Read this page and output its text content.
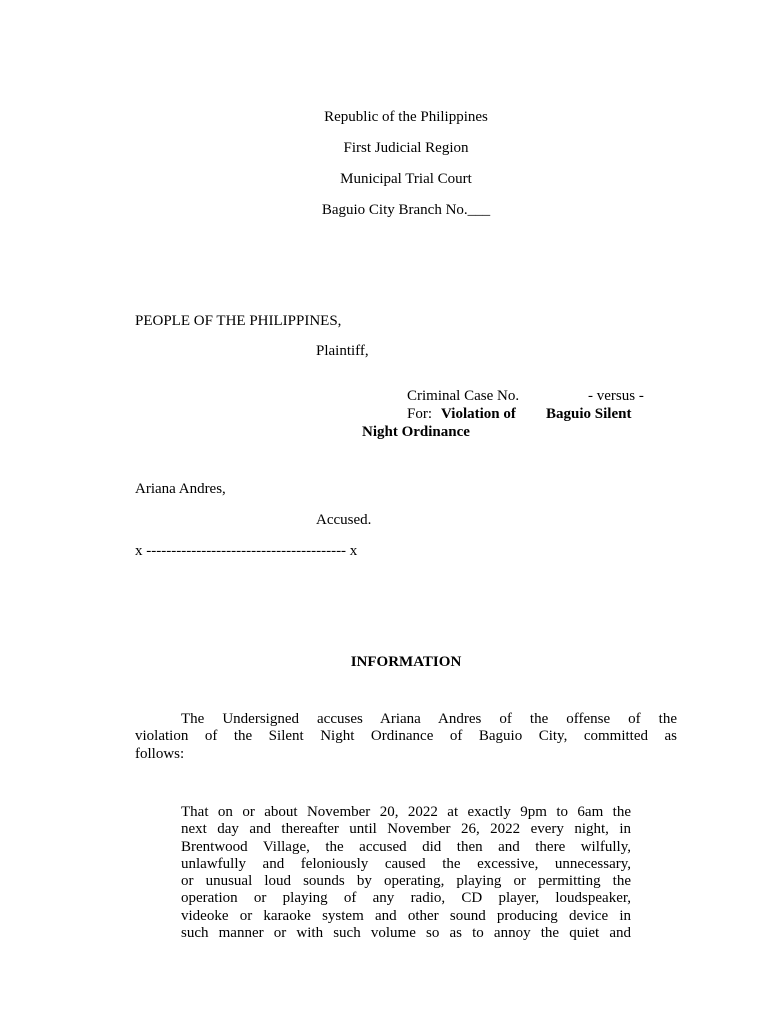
Republic of the Philippines
First Judicial Region
Municipal Trial Court
Baguio City Branch No.___
PEOPLE OF THE PHILIPPINES,
Plaintiff,
Criminal Case No.	- versus -
For: Violation of Baguio Silent
Night Ordinance
Ariana Andres,
Accused.
x ---------------------------------------- x
INFORMATION
The Undersigned accuses Ariana Andres of the offense of the
violation of the Silent Night Ordinance of Baguio City, committed as
follows:
That on or about November 20, 2022 at exactly 9pm to 6am the
next day and thereafter until November 26, 2022 every night, in
Brentwood Village, the accused did then and there wilfully,
unlawfully and feloniously caused the excessive, unnecessary,
or unusual loud sounds by operating, playing or permitting the
operation or playing of any radio, CD player, loudspeaker,
videoke or karaoke system and other sound producing device in
such manner or with such volume so as to annoy the quiet and
